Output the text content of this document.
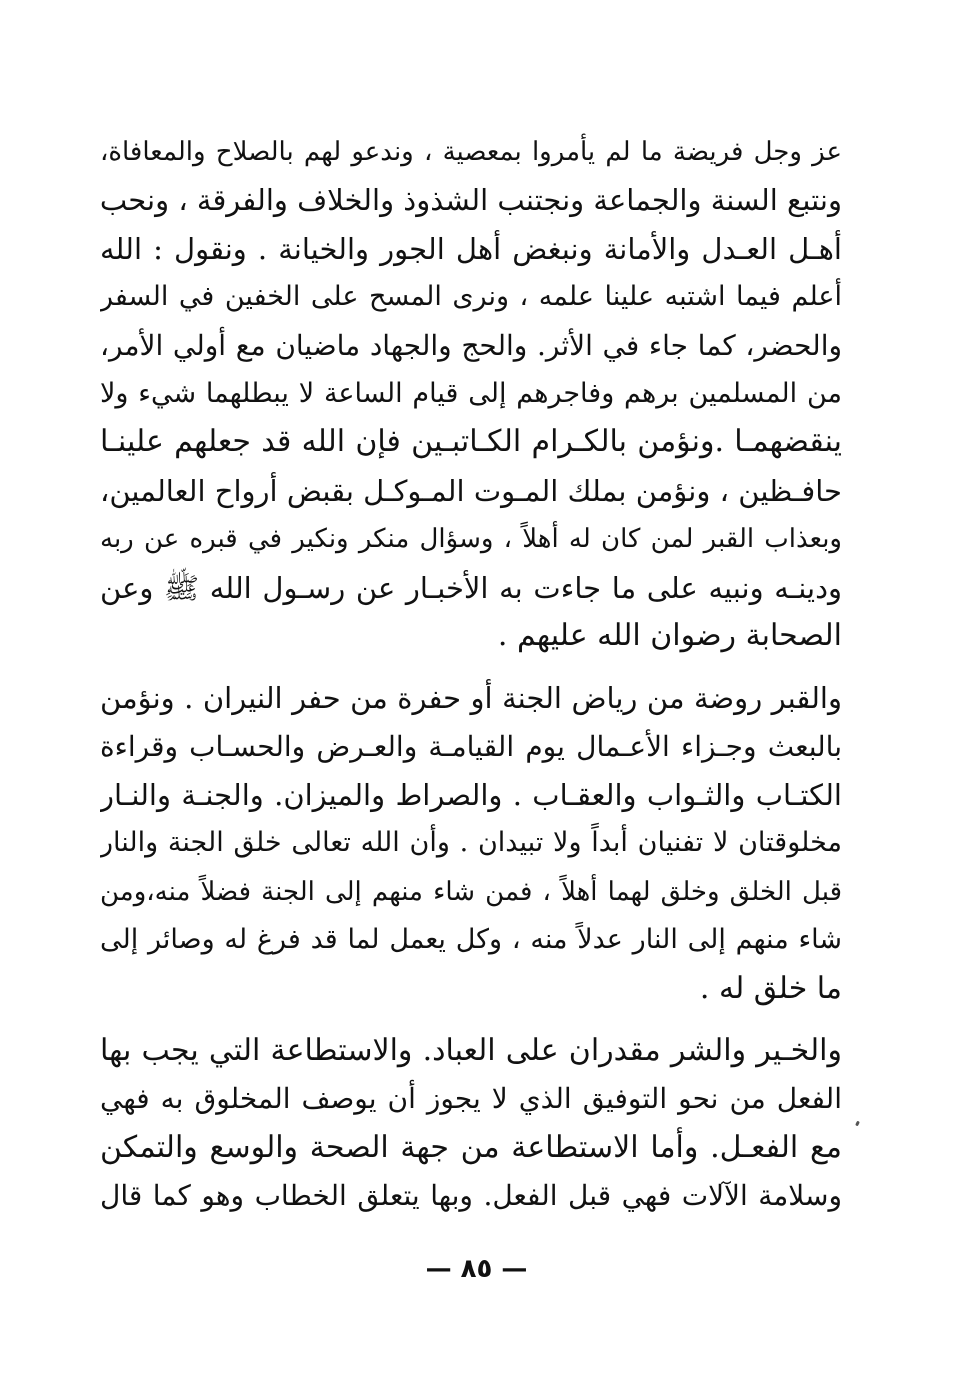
عز وجل فريضة ما لم يأمروا بمعصية ، وندعو لهم بالصلاح والمعافاة،
ونتبع السنة والجماعة ونجتنب الشذوذ والخلاف والفرقة ، ونحب
أهـل العـدل والأمانة ونبغض أهل الجور والخيانة . ونقول : الله
أعلم فيما اشتبه علينا علمه ، ونرى المسح على الخفين في السفر
والحضر، كما جاء في الأثر. والحج والجهاد ماضيان مع أولي الأمر،
من المسلمين برهم وفاجرهم إلى قيام الساعة لا يبطلهما شيء ولا
ينقضهمـا .ونؤمن بالكـرام الكـاتبـين فإن الله قد جعلهم علينـا
حافـظين ، ونؤمن بملك المـوت المـوكـل بقبض أرواح العالمين،
وبعذاب القبر لمن كان له أهلاً ، وسؤال منكر ونكير في قبره عن ربه
ودينـه ونبيه على ما جاءت به الأخبـار عن رسـول الله ﷺ وعن
الصحابة رضوان الله عليهم .
والقبر روضة من رياض الجنة أو حفرة من حفر النيران . ونؤمن
بالبعث وجـزاء الأعـمال يوم القيامـة والعـرض والحسـاب وقراءة
الكتـاب والثـواب والعقـاب . والصراط والميزان. والجنـة والنـار
مخلوقتان لا تفنيان أبداً ولا تبيدان . وأن الله تعالى خلق الجنة والنار
قبل الخلق وخلق لهما أهلاً ، فمن شاء منهم إلى الجنة فضلاً منه،ومن
شاء منهم إلى النار عدلاً منه ، وكل يعمل لما قد فرغ له وصائر إلى
ما خلق له .
والخـير والشر مقدران على العباد. والاستطاعة التي يجب بها
الفعل من نحو التوفيق الذي لا يجوز أن يوصف المخلوق به فهي
مع الفعـل. وأما الاستطاعة من جهة الصحة والوسع والتمكن
وسلامة الآلات فهي قبل الفعل. وبها يتعلق الخطاب وهو كما قال
— ٨٥ —
